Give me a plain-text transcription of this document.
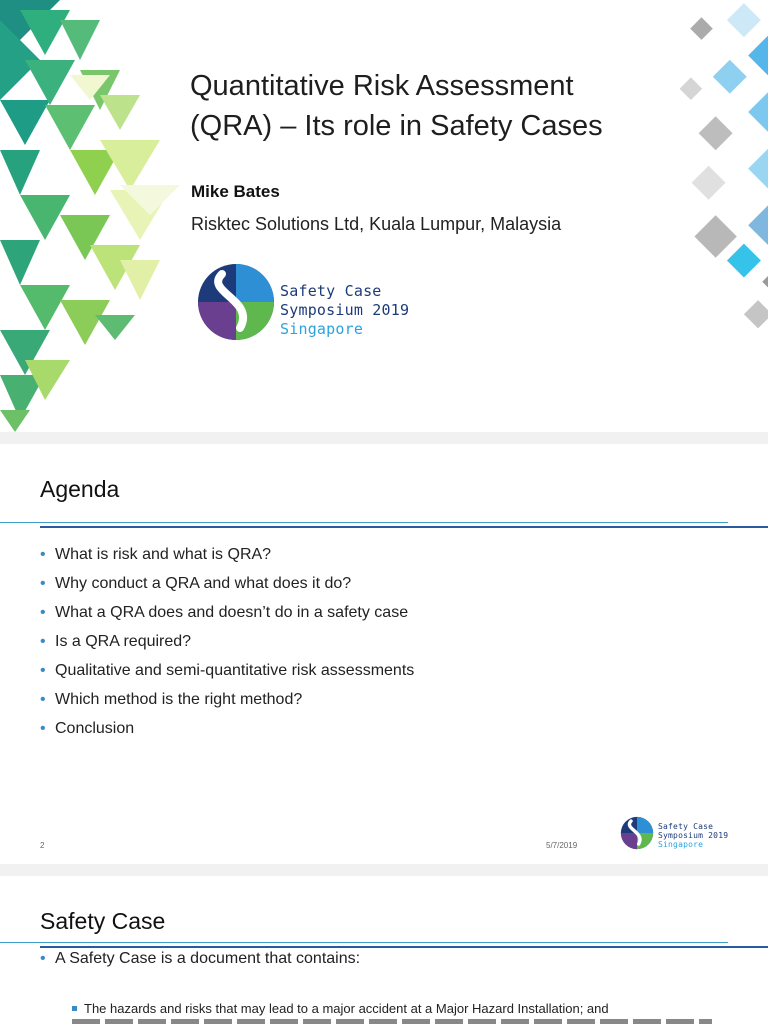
Quantitative Risk Assessment
(QRA) – Its role in Safety Cases
Mike Bates
Risktec Solutions Ltd, Kuala Lumpur, Malaysia
Safety Case
Symposium 2019
Singapore
Agenda
• What is risk and what is QRA?
• Why conduct a QRA and what does it do?
• What a QRA does and doesn’t do in a safety case
• Is a QRA required?
• Qualitative and semi-quantitative risk assessments
• Which method is the right method?
• Conclusion
2	5/7/2019
Safety Case
Symposium 2019
Singapore
Safety Case
• A Safety Case is a document that contains:
The hazards and risks that may lead to a major accident at a Major Hazard Installation; and
